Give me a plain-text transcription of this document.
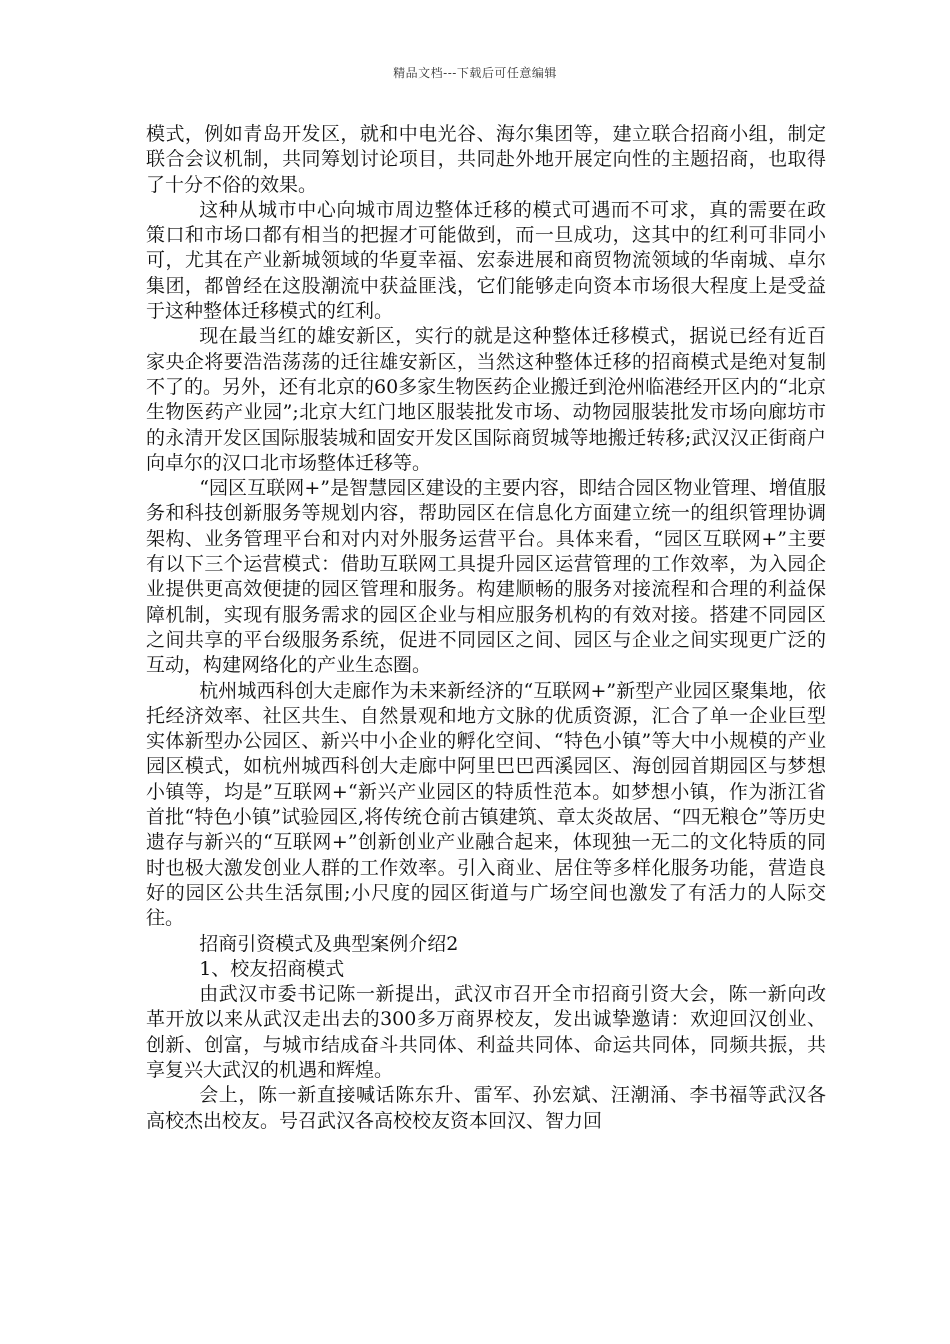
精品文档---下载后可任意编辑

模式，例如青岛开发区，就和中电光谷、海尔集团等，建立联合招商小组，制定联合会议机制，共同筹划讨论项目，共同赴外地开展定向性的主题招商，也取得了十分不俗的效果。

这种从城市中心向城市周边整体迁移的模式可遇而不可求，真的需要在政策口和市场口都有相当的把握才可能做到，而一旦成功，这其中的红利可非同小可，尤其在产业新城领域的华夏幸福、宏泰进展和商贸物流领域的华南城、卓尔集团，都曾经在这股潮流中获益匪浅，它们能够走向资本市场很大程度上是受益于这种整体迁移模式的红利。

现在最当红的雄安新区，实行的就是这种整体迁移模式，据说已经有近百家央企将要浩浩荡荡的迁往雄安新区，当然这种整体迁移的招商模式是绝对复制不了的。另外，还有北京的60多家生物医药企业搬迁到沧州临港经开区内的“北京生物医药产业园”;北京大红门地区服装批发市场、动物园服装批发市场向廊坊市的永清开发区国际服装城和固安开发区国际商贸城等地搬迁转移;武汉汉正街商户向卓尔的汉口北市场整体迁移等。

“园区互联网+”是智慧园区建设的主要内容，即结合园区物业管理、增值服务和科技创新服务等规划内容，帮助园区在信息化方面建立统一的组织管理协调架构、业务管理平台和对内对外服务运营平台。具体来看，“园区互联网+”主要有以下三个运营模式：借助互联网工具提升园区运营管理的工作效率，为入园企业提供更高效便捷的园区管理和服务。构建顺畅的服务对接流程和合理的利益保障机制，实现有服务需求的园区企业与相应服务机构的有效对接。搭建不同园区之间共享的平台级服务系统，促进不同园区之间、园区与企业之间实现更广泛的互动，构建网络化的产业生态圈。

杭州城西科创大走廊作为未来新经济的“互联网+”新型产业园区聚集地，依托经济效率、社区共生、自然景观和地方文脉的优质资源，汇合了单一企业巨型实体新型办公园区、新兴中小企业的孵化空间、“特色小镇”等大中小规模的产业园区模式，如杭州城西科创大走廊中阿里巴巴西溪园区、海创园首期园区与梦想小镇等，均是”互联网+“新兴产业园区的特质性范本。如梦想小镇，作为浙江省首批“特色小镇”试验园区,将传统仓前古镇建筑、章太炎故居、“四无粮仓”等历史遗存与新兴的“互联网+”创新创业产业融合起来，体现独一无二的文化特质的同时也极大激发创业人群的工作效率。引入商业、居住等多样化服务功能，营造良好的园区公共生活氛围;小尺度的园区街道与广场空间也激发了有活力的人际交往。

招商引资模式及典型案例介绍2

1、校友招商模式

由武汉市委书记陈一新提出，武汉市召开全市招商引资大会，陈一新向改革开放以来从武汉走出去的300多万商界校友，发出诚挚邀请：欢迎回汉创业、创新、创富，与城市结成奋斗共同体、利益共同体、命运共同体，同频共振，共享复兴大武汉的机遇和辉煌。

会上，陈一新直接喊话陈东升、雷军、孙宏斌、汪潮涌、李书福等武汉各高校杰出校友。号召武汉各高校校友资本回汉、智力回
